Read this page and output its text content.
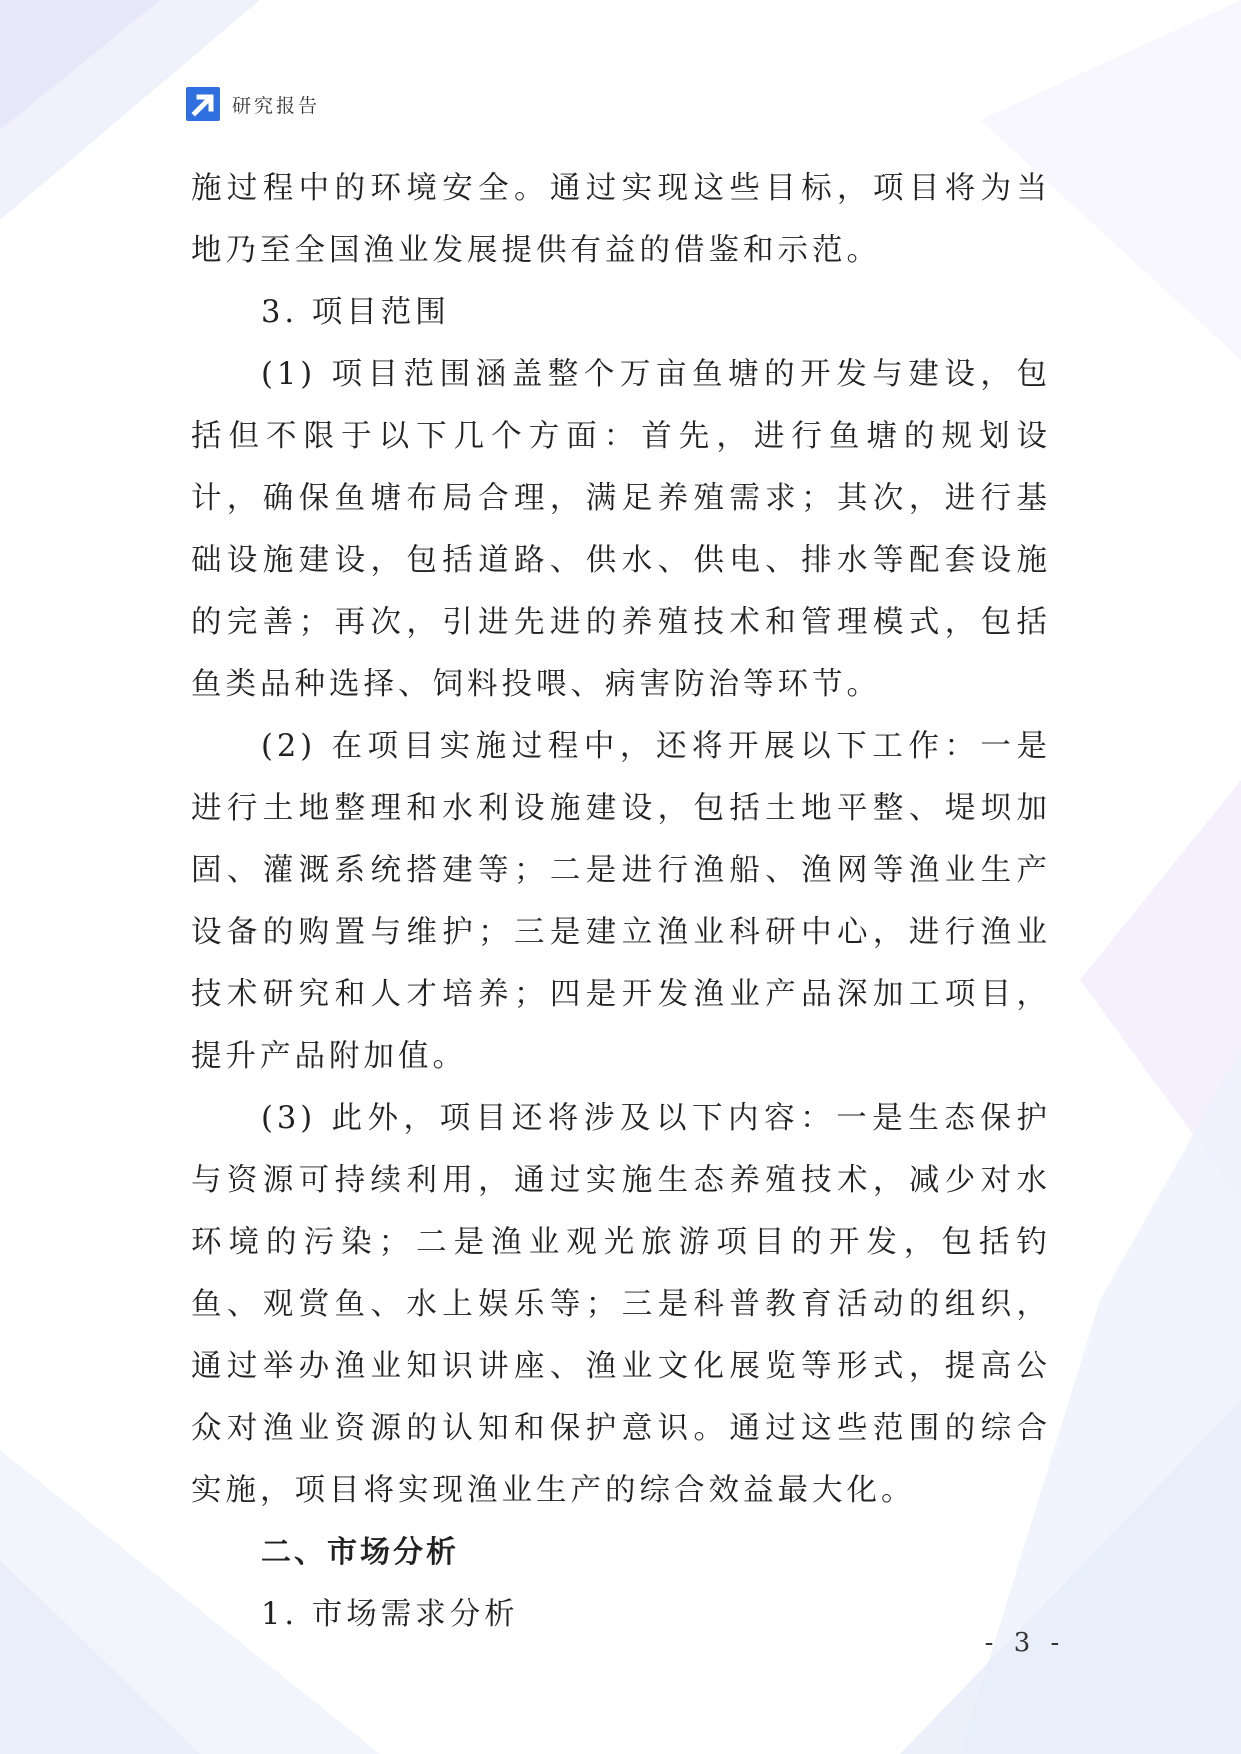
研究报告

施过程中的环境安全。通过实现这些目标，项目将为当地乃至全国渔业发展提供有益的借鉴和示范。

3. 项目范围

(1) 项目范围涵盖整个万亩鱼塘的开发与建设，包括但不限于以下几个方面：首先，进行鱼塘的规划设计，确保鱼塘布局合理，满足养殖需求；其次，进行基础设施建设，包括道路、供水、供电、排水等配套设施的完善；再次，引进先进的养殖技术和管理模式，包括鱼类品种选择、饲料投喂、病害防治等环节。

(2) 在项目实施过程中，还将开展以下工作：一是进行土地整理和水利设施建设，包括土地平整、堤坝加固、灌溉系统搭建等；二是进行渔船、渔网等渔业生产设备的购置与维护；三是建立渔业科研中心，进行渔业技术研究和人才培养；四是开发渔业产品深加工项目，提升产品附加值。

(3) 此外，项目还将涉及以下内容：一是生态保护与资源可持续利用，通过实施生态养殖技术，减少对水环境的污染；二是渔业观光旅游项目的开发，包括钓鱼、观赏鱼、水上娱乐等；三是科普教育活动的组织，通过举办渔业知识讲座、渔业文化展览等形式，提高公众对渔业资源的认知和保护意识。通过这些范围的综合实施，项目将实现渔业生产的综合效益最大化。

二、市场分析

1. 市场需求分析

- 3 -
